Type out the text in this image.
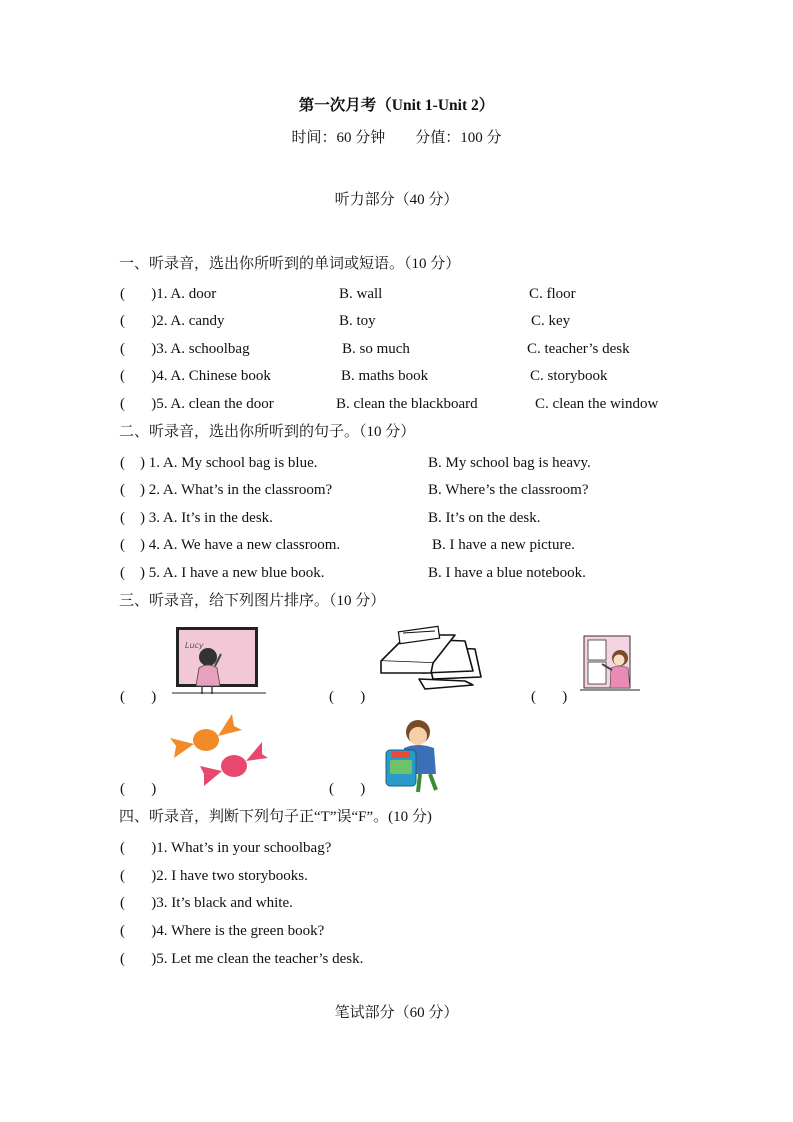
第一次月考（Unit 1-Unit 2）
时间：60 分钟        分值：100 分
听力部分（40 分）
一、听录音，选出你所听到的单词或短语。（10 分）
(       )1. A. door	B. wall	C. floor
(       )2. A. candy	B. toy	C. key
(       )3. A. schoolbag	B. so much	C. teacher’s desk
(       )4. A. Chinese book	B. maths book	C. storybook
(       )5. A. clean the door	B. clean the blackboard	C. clean the window
二、听录音，选出你所听到的句子。（10 分）
(    ) 1. A. My school bag is blue.	B. My school bag is heavy.
(    ) 2. A. What’s in the classroom?	B. Where’s the classroom?
(    ) 3. A. It’s in the desk.	B. It’s on the desk.
(    ) 4. A. We have a new classroom.	B. I have a new picture.
(    ) 5. A. I have a new blue book.	B. I have a blue notebook.
三、听录音，给下列图片排序。（10 分）
Lucy
(       )	(       )	(       )
(       )	(       )
四、听录音，判断下列句子正“T”误“F”。(10 分)
(       )1. What’s in your schoolbag?
(       )2. I have two storybooks.
(       )3. It’s black and white.
(       )4. Where is the green book?
(       )5. Let me clean the teacher’s desk.
笔试部分（60 分）
